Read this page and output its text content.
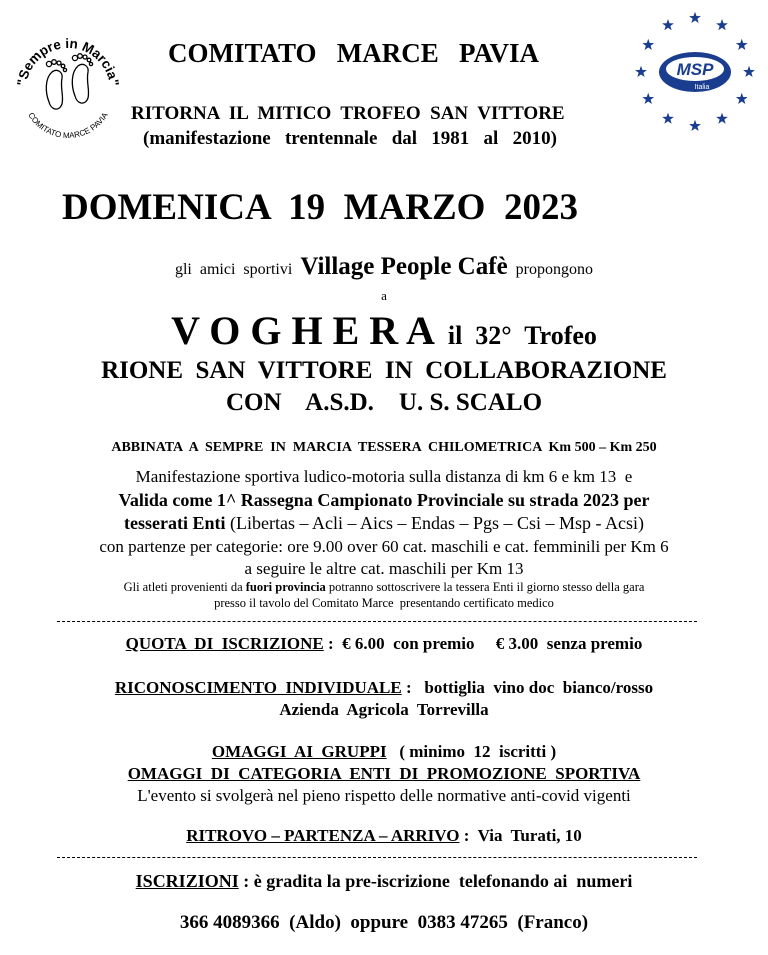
"Sempre in Marcia"
COMITATO MARCE PAVIA
MSP
Italia
COMITATO   MARCE   PAVIA
RITORNA  IL  MITICO  TROFEO  SAN  VITTORE
(manifestazione   trentennale   dal   1981   al   2010)
DOMENICA  19  MARZO  2023
gli  amici  sportivi  Village People Cafè  propongono
a
V O G H E R A  il  32°  Trofeo
RIONE  SAN  VITTORE  IN  COLLABORAZIONE
CON    A.S.D.    U. S. SCALO
ABBINATA  A  SEMPRE  IN  MARCIA  TESSERA  CHILOMETRICA  Km 500 – Km 250
Manifestazione sportiva ludico-motoria sulla distanza di km 6 e km 13  e
Valida come 1^ Rassegna Campionato Provinciale su strada 2023 per
tesserati Enti (Libertas – Acli – Aics – Endas – Pgs – Csi – Msp - Acsi)
con partenze per categorie: ore 9.00 over 60 cat. maschili e cat. femminili per Km 6
a seguire le altre cat. maschili per Km 13
Gli atleti provenienti da fuori provincia potranno sottoscrivere la tessera Enti il giorno stesso della gara
presso il tavolo del Comitato Marce  presentando certificato medico
QUOTA  DI  ISCRIZIONE :  € 6.00  con premio     € 3.00  senza premio
RICONOSCIMENTO  INDIVIDUALE :   bottiglia  vino doc  bianco/rosso
Azienda  Agricola  Torrevilla
OMAGGI  AI  GRUPPI   ( minimo  12  iscritti )
OMAGGI  DI  CATEGORIA  ENTI  DI  PROMOZIONE  SPORTIVA
L'evento si svolgerà nel pieno rispetto delle normative anti-covid vigenti
RITROVO – PARTENZA – ARRIVO :  Via  Turati, 10
ISCRIZIONI : è gradita la pre-iscrizione  telefonando ai  numeri
366 4089366  (Aldo)  oppure  0383 47265  (Franco)
